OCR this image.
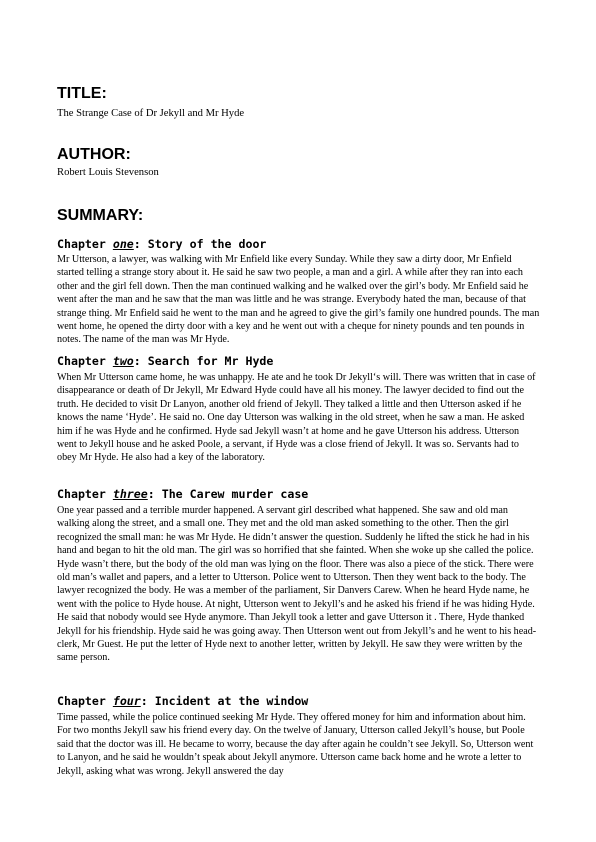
TITLE:
The Strange Case of Dr Jekyll and Mr Hyde
AUTHOR:
Robert Louis Stevenson
SUMMARY:
Chapter one: Story of the door

Mr Utterson, a lawyer, was walking with Mr Enfield like every Sunday. While they saw a dirty door, Mr Enfield started telling a strange story about it. He said he saw two people, a man and a girl. A while after they ran into each other and the girl fell down. Then the man continued walking and he walked over the girl’s body. Mr Enfield said he went after the man and he saw that the man was little and he was strange. Everybody hated the man, because of that strange thing. Mr Enfield said he went to the man and he agreed to give the girl’s family one hundred pounds. The man went home, he opened the dirty door with a key and he went out with a cheque for ninety pounds and ten pounds in notes. The name of the man was Mr Hyde.

Chapter two: Search for Mr Hyde

When Mr Utterson came home, he was unhappy. He ate and he took Dr Jekyll‘s will. There was written that in case of disappearance or death of Dr Jekyll, Mr Edward Hyde could have all his money. The lawyer decided to find out the truth. He decided to visit Dr Lanyon, another old friend of Jekyll. They talked a little and then Utterson asked if he knows the name ‘Hyde’. He said no. One day Utterson was walking in the old street, when he saw a man. He asked him if he was Hyde and he confirmed. Hyde sad Jekyll wasn’t at home and he gave Utterson his address. Utterson went to Jekyll house and he asked Poole, a servant, if Hyde was a close friend of Jekyll. It was so. Servants had to obey Mr Hyde. He also had a key of the laboratory.

Chapter three: The Carew murder case

One year passed and a terrible murder happened. A servant girl described what happened. She saw and old man walking along the street, and a small one. They met and the old man asked something to the other. Then the girl recognized the small man: he was Mr Hyde. He didn’t answer the question. Suddenly he lifted the stick he had in his hand and began to hit the old man. The girl was so horrified that she fainted. When she woke up she called the police. Hyde wasn’t there, but the body of the old man was lying on the floor. There was also a piece of the stick. There were old man’s wallet and papers, and a letter to Utterson. Police went to Utterson. Then they went back to the body. The lawyer recognized the body. He was a member of the parliament, Sir Danvers Carew. When he heard Hyde name, he went with the police to Hyde house. At night, Utterson went to Jekyll’s and he asked his friend if he was hiding Hyde. He said that nobody would see Hyde anymore. Than Jekyll took a letter and gave Utterson it . There, Hyde thanked Jekyll for his friendship. Hyde said he was going away. Then Utterson went out from Jekyll’s and he went to his head-clerk, Mr Guest. He put the letter of Hyde next to another letter, written by Jekyll. He saw they were written by the same person.

Chapter four: Incident at the window

Time passed, while the police continued seeking Mr Hyde. They offered money for him and information about him. For two months Jekyll saw his friend every day. On the twelve of January, Utterson called Jekyll’s house, but Poole said that the doctor was ill. He became to worry, because the day after again he couldn’t see Jekyll. So, Utterson went to Lanyon, and he said he wouldn’t speak about Jekyll anymore. Utterson came back home and he wrote a letter to Jekyll, asking what was wrong. Jekyll answered the day
